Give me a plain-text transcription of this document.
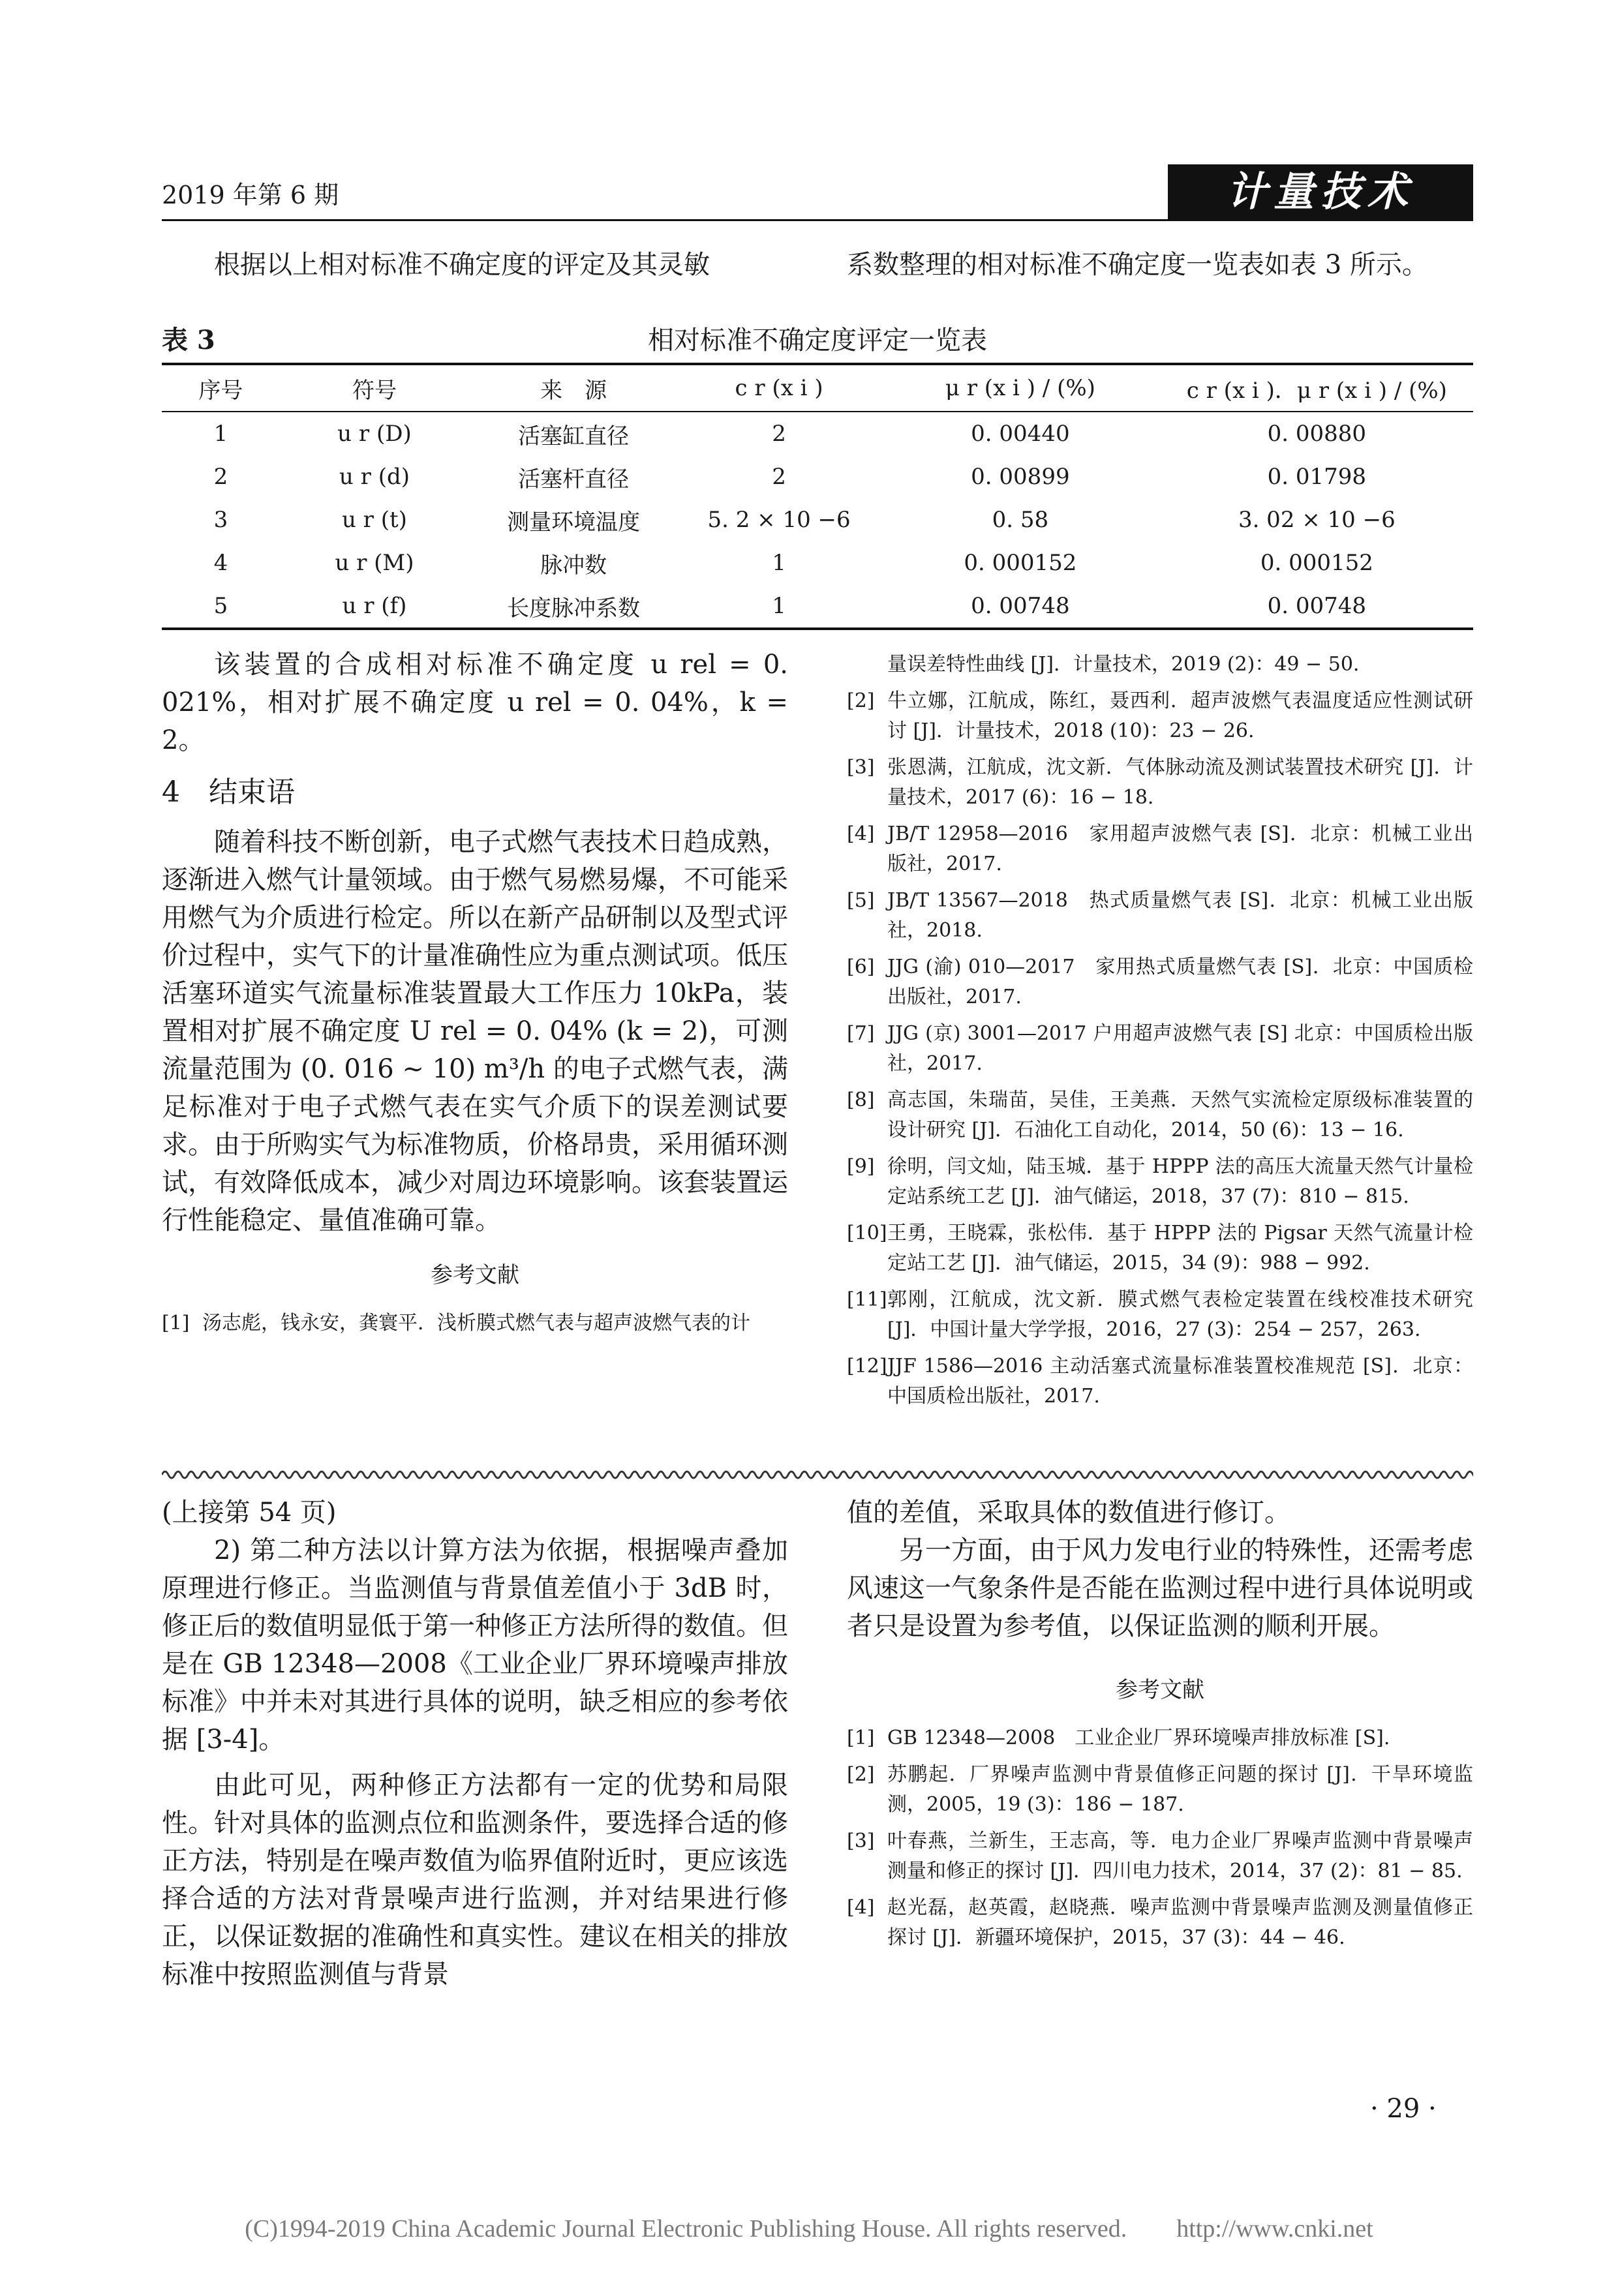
2019 年第 6 期	计量技术
根据以上相对标准不确定度的评定及其灵敏	系数整理的相对标准不确定度一览表如表 3 所示。
表 3	相对标准不确定度评定一览表
序号	符号	来　源	c r (x i )	μ r (x i ) / (%)	c r (x i )．μ r (x i ) / (%)
1	u r (D)	活塞缸直径	2	0. 00440	0. 00880
2	u r (d)	活塞杆直径	2	0. 00899	0. 01798
3	u r (t)	测量环境温度	5. 2 × 10 −6	0. 58	3. 02 × 10 −6
4	u r (M)	脉冲数	1	0. 000152	0. 000152
5	u r (f)	长度脉冲系数	1	0. 00748	0. 00748

该装置的合成相对标准不确定度 u rel = 0. 021%，相对扩展不确定度 u rel = 0. 04%，k = 2。

4　结束语

随着科技不断创新，电子式燃气表技术日趋成熟，逐渐进入燃气计量领域。由于燃气易燃易爆，不可能采用燃气为介质进行检定。所以在新产品研制以及型式评价过程中，实气下的计量准确性应为重点测试项。低压活塞环道实气流量标准装置最大工作压力 10kPa，装置相对扩展不确定度 U rel = 0. 04% (k = 2)，可测流量范围为 (0. 016 ~ 10) m³/h 的电子式燃气表，满足标准对于电子式燃气表在实气介质下的误差测试要求。由于所购实气为标准物质，价格昂贵，采用循环测试，有效降低成本，减少对周边环境影响。该套装置运行性能稳定、量值准确可靠。

参考文献
[1] 汤志彪，钱永安，龚寰平．浅析膜式燃气表与超声波燃气表的计
量误差特性曲线 [J]．计量技术，2019 (2)：49 − 50.
[2] 牛立娜，江航成，陈红，聂西利．超声波燃气表温度适应性测试研讨 [J]．计量技术，2018 (10)：23 − 26.
[3] 张恩满，江航成，沈文新．气体脉动流及测试装置技术研究 [J]．计量技术，2017 (6)：16 − 18.
[4] JB/T 12958—2016　家用超声波燃气表 [S]．北京：机械工业出版社，2017.
[5] JB/T 13567—2018　热式质量燃气表 [S]．北京：机械工业出版社，2018.
[6] JJG (渝) 010—2017　家用热式质量燃气表 [S]．北京：中国质检出版社，2017.
[7] JJG (京) 3001—2017 户用超声波燃气表 [S] 北京：中国质检出版社，2017.
[8] 高志国，朱瑞苗，吴佳，王美燕．天然气实流检定原级标准装置的设计研究 [J]．石油化工自动化，2014，50 (6)：13 − 16.
[9] 徐明，闫文灿，陆玉城．基于 HPPP 法的高压大流量天然气计量检定站系统工艺 [J]．油气储运，2018，37 (7)：810 − 815.
[10] 王勇，王晓霖，张松伟．基于 HPPP 法的 Pigsar 天然气流量计检定站工艺 [J]．油气储运，2015，34 (9)：988 − 992.
[11] 郭刚，江航成，沈文新．膜式燃气表检定装置在线校准技术研究 [J]．中国计量大学学报，2016，27 (3)：254 − 257，263.
[12] JJF 1586—2016 主动活塞式流量标准装置校准规范 [S]．北京：中国质检出版社，2017.
(上接第 54 页)

2) 第二种方法以计算方法为依据，根据噪声叠加原理进行修正。当监测值与背景值差值小于 3dB 时，修正后的数值明显低于第一种修正方法所得的数值。但是在 GB 12348—2008《工业企业厂界环境噪声排放标准》中并未对其进行具体的说明，缺乏相应的参考依据 [3-4]。

由此可见，两种修正方法都有一定的优势和局限性。针对具体的监测点位和监测条件，要选择合适的修正方法，特别是在噪声数值为临界值附近时，更应该选择合适的方法对背景噪声进行监测，并对结果进行修正，以保证数据的准确性和真实性。建议在相关的排放标准中按照监测值与背景

值的差值，采取具体的数值进行修订。

另一方面，由于风力发电行业的特殊性，还需考虑风速这一气象条件是否能在监测过程中进行具体说明或者只是设置为参考值，以保证监测的顺利开展。

参考文献
[1] GB 12348—2008　工业企业厂界环境噪声排放标准 [S].
[2] 苏鹏起．厂界噪声监测中背景值修正问题的探讨 [J]．干旱环境监测，2005，19 (3)：186 − 187.
[3] 叶春燕，兰新生，王志高，等．电力企业厂界噪声监测中背景噪声测量和修正的探讨 [J]．四川电力技术，2014，37 (2)：81 − 85.
[4] 赵光磊，赵英霞，赵晓燕．噪声监测中背景噪声监测及测量值修正探讨 [J]．新疆环境保护，2015，37 (3)：44 − 46.
· 29 ·
(C)1994-2019 China Academic Journal Electronic Publishing House. All rights reserved.　　http://www.cnki.net
